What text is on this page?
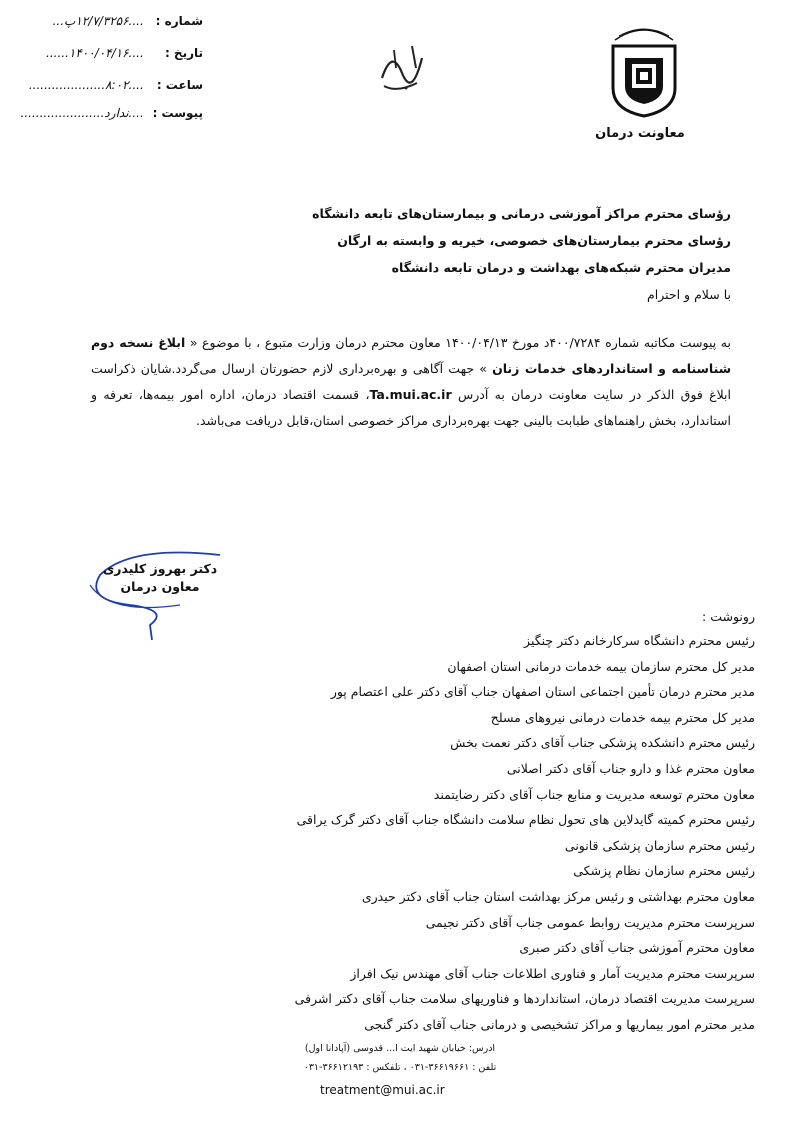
شماره : ....۱۲/۷/۳۲۵۶پ...
تاریخ : ....۱۴۰۰/۰۴/۱۶......
ساعت : ....۸:۰۲....................
پیوست : ....ندارد......................
معاونت درمان
رؤسای محترم مراکز آموزشی درمانی و بیمارستان‌های تابعه دانشگاه
رؤسای محترم بیمارستان‌های خصوصی، خیریه و وابسته به ارگان
مدیران محترم شبکه‌های بهداشت و درمان تابعه دانشگاه
با سلام و احترام
به پیوست مکاتبه شماره ۴۰۰/۷۲۸۴د مورخ ۱۴۰۰/۰۴/۱۳ معاون محترم درمان وزارت متبوع ، با موضوع « ابلاغ نسخه دوم شناسنامه و استانداردهای خدمات زنان » جهت آگاهی و بهره‌برداری لازم حضورتان ارسال می‌گردد.شایان ذکراست ابلاغ فوق الذکر در سایت معاونت درمان به آدرس Ta.mui.ac.ir، قسمت اقتصاد درمان، اداره امور بیمه‌ها، تعرفه و استاندارد، بخش راهنماهای طبابت بالینی جهت بهره‌برداری مراکز خصوصی استان،قابل دریافت می‌باشد.
دکتر بهروز کلیدری
معاون درمان
رونوشت :
رئیس محترم دانشگاه سرکارخانم دکتر چنگیز
مدیر کل محترم سازمان بیمه خدمات درمانی استان اصفهان
مدیر محترم درمان تأمین اجتماعی استان اصفهان جناب آقای دکتر علی اعتصام پور
مدیر کل محترم بیمه خدمات درمانی نیروهای مسلح
رئیس محترم دانشکده پزشکی جناب آقای دکتر نعمت بخش
معاون محترم غذا و دارو جناب آقای دکتر اصلانی
معاون محترم توسعه مدیریت و منابع جناب آقای دکتر رضایتمند
رئیس محترم کمیته گایدلاین های تحول نظام سلامت دانشگاه جناب آقای دکتر گرک یراقی
رئیس محترم سازمان پزشکی قانونی
رئیس محترم سازمان نظام پزشکی
معاون محترم بهداشتی و رئیس مرکز بهداشت استان جناب آقای دکتر حیدری
سرپرست محترم مدیریت روابط عمومی جناب آقای دکتر نجیمی
معاون محترم آموزشی جناب آقای دکتر صبری
سرپرست محترم مدیریت آمار و فناوری اطلاعات جناب آقای مهندس نیک افراز
سرپرست مدیریت اقتصاد درمان، استانداردها و فناوریهای سلامت جناب آقای دکتر اشرفی
مدیر محترم امور بیماریها و مراکز تشخیصی و درمانی جناب آقای دکتر گنجی
ادرس: خیابان شهید ایت ا... قدوسی (آپادانا اول)
تلفن : ۳۶۶۱۹۶۶۱-۰۳۱ ، تلفکس : ۳۶۶۱۲۱۹۳-۰۳۱
treatment@mui.ac.ir
